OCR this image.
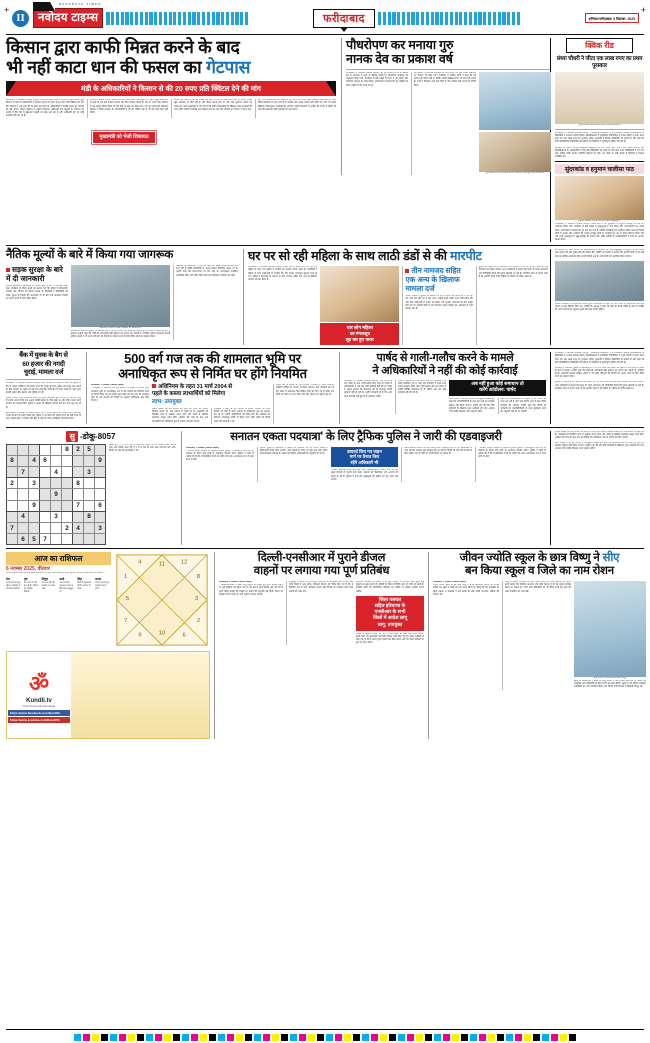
+
II
NAVODAYA TIMES
नवोदय टाइम्स	फरीदाबाद	शनिवार•फरीदाबाद• 6 दिसम्बर, 2025
+
किसान द्वारा काफी मिन्नत करने के बाद
भी नहीं काटा धान की फसल का गेटपास
मंडी के अधिकारियों ने किसान से की 20 रुपए प्रति क्विंटल देने की मांग
फरीदाबाद, 5 दिसम्बर (नवोदय टाइम्स): जिले की अनाज मंडी में धान की फसल लेकर पहुंचे किसान से मंडी के अधिकारियों ने गेटपास काटने के एवज में 20 रुपए प्रति क्विंटल की मांग की। किसान ने जब रुपए देने से इंकार कर दिया तो अधिकारियों ने उसकी फसल का गेटपास ही नहीं काटा। परेशान किसान ने इसकी शिकायत मुख्यमंत्री तक पहुंचाई है। किसान का आरोप है कि मंडी में खुलेआम वसूली का खेल चल रहा है और अधिकारी इस पर कोई कार्रवाई नहीं कर रहे हैं।
किसान ने बताया कि वह अपनी धान की फसल लेकर मंडी पहुंचा था। वहां मौजूद कर्मचारियों ने पहले तो उसे घंटों इंतजार कराया और फिर गेटपास काटने के नाम पर रुपए मांगे। किसान ने जब इसका विरोध किया तो उसे मंडी से बाहर कर दिया गया। इस पूरे मामले की शिकायत किसान ने जिला प्रशासन के अधिकारियों से भी की, लेकिन वहां से भी उसे कोई राहत नहीं मिली।
किसान का कहना है कि वह पिछले कई दिनों से मंडी के चक्कर काट रहा है। उसकी फसल खुले आसमान के नीचे पड़ी है और मौसम खराब होने पर उसे भारी नुकसान उठाना पड़ सकता है। उसने मुख्यमंत्री से मांग की है कि दोषी अधिकारियों के खिलाफ सख्त कार्रवाई की जाए ताकि भविष्य में किसी अन्य किसान को इस तरह की परेशानी का सामना न करना पड़े।
वहीं मंडी अधिकारियों का कहना है कि उनके पास ऐसी कोई शिकायत नहीं आई है। अगर किसी कर्मचारी ने रुपए मांगे हैं तो उसकी जांच कराई जाएगी और दोषी पाए जाने पर उसके खिलाफ नियमानुसार कार्रवाई की जाएगी। उन्होंने किसानों से अपील की है कि वे किसी भी तरह की शिकायत सीधे कार्यालय में दर्ज कराएं।
मुख्यमंत्री को भेजी शिकायत
पौधरोपण कर मनाया गुरु
नानक देव का प्रकाश वर्ष
फरीदाबाद, 5 दिसम्बर (नवोदय टाइम्स): श्री गुरु नानक देव जी के प्रकाश वर्ष के उपलक्ष्य में शहर के विभिन्न स्थानों पर पौधरोपण कार्यक्रम का आयोजन किया गया। कार्यक्रम में बड़ी संख्या में संगत ने भाग लिया और पर्यावरण संरक्षण का संदेश दिया। आयोजकों ने बताया कि गुरु साहिब का संदेश प्रकृति से प्रेम करने का है।
इस अवसर पर विभिन्न प्रजातियों के पौधे लगाए गए और उनकी देखभाल का संकल्प भी लिया गया। कार्यक्रम में शामिल लोगों ने कहा कि पेड़ लगाना ही पर्याप्त नहीं है, बल्कि उनकी देखरेख करना भी उतना ही जरूरी है। सभी ने मिलकर आने वाले दिनों में और अधिक पौधे लगाने का निर्णय लिया।
गुरु नानक देव जी के प्रकाश वर्ष पर पौधरोपण करते हुए संगत के सदस्य।
क्विक रीड
संध्या चौधरी ने जीता एक लाख रुपए का प्रथम पुरस्कार
पुरस्कार ग्रहण करती संध्या चौधरी व अन्य प्रतिभागी।
फरीदाबाद, 5 दिसम्बर (नवोदय टाइम्स) : सांस्कृतिक कार्यक्रमों में श्री विश्वकर्मा कौशल विश्वविद्यालय के विद्यार्थियों ने शानदार प्रदर्शन किया। विश्वविद्यालय में आयोजित प्रतियोगिता में संध्या चौधरी ने प्रथम स्थान प्राप्त कर एक लाख रुपए का पुरस्कार जीता। कुलपति ने विजेता विद्यार्थियों को बधाई दी और कहा कि ऐसी प्रतियोगिताएं विद्यार्थियों की प्रतिभा को निखारने में महत्वपूर्ण भूमिका निभाती हैं।
कार्यक्रम के दौरान विभिन्न सांस्कृतिक प्रस्तुतियां दी गईं जिनमें नृत्य, गायन और नाटक शामिल रहे। विश्वविद्यालय के अधिकारियों ने कहा कि विद्यार्थियों को पढ़ाई के साथ-साथ अन्य गतिविधियों में भी भाग लेना चाहिए ताकि उनका सर्वांगीण विकास हो सके। इस मौके पर बड़ी संख्या में विद्यार्थी व शिक्षक उपस्थित रहे।
सुंदरकांड व हनुमान चालीसा पाठ
हनुमान चालीसा पाठ के दौरान उपस्थित श्रद्धालुजन।
फरीदाबाद, 5 दिसम्बर (नवोदय टाइम्स): सेक्टर क्षेत्र में श्री सुंदरकांड व हनुमान चालीसा के पाठ का आयोजन किया गया। कार्यक्रम में बड़ी संख्या में श्रद्धालुओं ने भाग लिया और भजन-कीर्तन का आनंद लिया। आयोजकों ने बताया कि हर माह इस तरह के धार्मिक कार्यक्रमों का आयोजन किया जाता है जिससे लोगों में आस्था और भाईचारे की भावना मजबूत होती है। कार्यक्रम के अंत में प्रसाद वितरण किया गया और सभी श्रद्धालुओं ने सुख-समृद्धि की कामना की। मंदिर समिति के पदाधिकारियों ने सभी का आभार व्यक्त किया।
नैतिक मूल्यों के बारे में किया गया जागरूक
सड़क सुरक्षा के बारे में दी जानकारी
स्थानीय विद्यालय में विद्यार्थियों को नैतिक मूल्यों के बारे में जागरूक किया गया। कार्यक्रम के दौरान बच्चों को बताया गया कि जीवन में ईमानदारी, सच्चाई और परिश्रम का कितना महत्व है। विशेषज्ञों ने विद्यार्थियों को सड़क सुरक्षा के नियमों की जानकारी भी दी और उन्हें यातायात नियमों का पालन करने के लिए प्रेरित किया।
कार्यक्रम के दौरान उपस्थित विद्यार्थी एवं अतिथिगण।
कार्यक्रम में यातायात पुलिस के अधिकारियों ने भी भाग लिया और बच्चों को हेलमेट व सीट बेल्ट के महत्व के बारे में बताया। उन्होंने कहा कि छोटी-सी लापरवाही बड़ी दुर्घटना का कारण बन सकती है, इसलिए हमेशा सावधानी बरतनी चाहिए। बच्चों ने भी अपने परिजनों को नियमों का पालन करने के लिए प्रेरित करने का संकल्प लिया।
विद्यालय के प्रधानाचार्य ने कहा कि शिक्षा का उद्देश्य केवल किताबी ज्ञान देना नहीं है बल्कि विद्यार्थियों में अच्छे संस्कार विकसित करना भी है। उन्होंने कहा कि समय-समय पर इस तरह के जागरूकता कार्यक्रम आयोजित किए जाते रहेंगे ताकि बच्चे एक जिम्मेदार नागरिक बन सकें।
घर पर सो रही महिला के साथ लाठी डंडों से की मारपीट
फरीदाबाद, 5 दिसम्बर (नवोदय टाइम्स): सेक्टर क्षेत्र में अपने घर में सो रही एक महिला के साथ चार युवकों ने मारपीट का मामला सामने आया है। आरोपियों ने महिला के साथ लाठी-डंडों से मारपीट की और उसका मंगलसूत्र लूटकर फरार हो गए। पुलिस ने शिकायत के आधार पर तीन नामजद सहित एक अन्य के खिलाफ मामला दर्ज कर लिया है।
चार लोग महिला
का मंगलसूत्र
लूट कर हुए फरार
तीन नामजद सहित
एक अन्य के खिलाफ
मामला दर्ज
पीड़ित महिला ने पुलिस को बताया कि रात के समय वह अपने घर में सो रही थी, तभी चार लोग घर में घुस आए। उन्होंने पहले उसके साथ गाली-गलौच की और फिर लाठी-डंडों से हमला कर दिया। शोर सुनकर आसपास के लोग इकट्ठा होने लगे तो आरोपी मौके से भाग निकले। घायल महिला को अस्पताल में भर्ती कराया गया है।
पुलिस का कहना है कि आरोपियों की तलाश की जा रही है और जल्द ही उन्हें गिरफ्तार कर लिया जाएगा। जांच अधिकारी ने बताया कि घटना के समय आसपास लगे सीसीटीवी कैमरों की फुटेज खंगाली जा रही है। प्रारंभिक जांच में सामने आया है कि आरोपी पहले से ही महिला के परिवार से रंजिश रखते थे।
इस अवसर पर मंदिर परिसर को आकर्षक ढंग से सजाया गया था। श्रद्धालुओं ने हनुमान जी की विशेष पूजा-अर्चना की और सुख-शांति की प्रार्थना की। समिति के सदस्यों ने बताया कि आगामी दिनों में भी इसी तरह के धार्मिक आयोजन किए जाएंगे जिनमें क्षेत्र के सभी लोगों को आमंत्रित किया जाएगा।
धार्मिक कार्यक्रमों के साथ-साथ समिति द्वारा समाजसेवा के कार्य भी किए जाते हैं। जरूरतमंद लोगों को भोजन व वस्त्र वितरित किए गए। समिति के अध्यक्ष ने कहा कि सेवा ही सच्ची भक्ति है और हर व्यक्ति को अपने सामर्थ्य के अनुसार दूसरों की मदद करनी चाहिए।
बैंक में युवक के बैग से
60 हजार की नगदी
चुराई, मामला दर्ज
फरीदाबाद, 5 दिसम्बर (नवोदय टाइम्स): शहर के बैंक की शाखा में आए एक युवक के बैग से अज्ञात व्यक्ति ने 60 हजार रुपए की नगदी चुरा ली। युवक जब रुपए जमा कराने के लिए काउंटर पर पहुंचा तो उसे पता चला कि उसके बैग से रुपए गायब हैं। उसने तुरंत इसकी सूचना बैंक प्रबंधन और पुलिस को दी।
पुलिस ने बैंक में लगे सीसीटीवी कैमरों की फुटेज खंगालनी शुरू कर दी है। प्रारंभिक जांच में सामने आया है कि एक अज्ञात व्यक्ति युवक के पीछे खड़ा था और मौका पाकर उसने वारदात को अंजाम दिया। पुलिस ने अज्ञात के खिलाफ मामला दर्ज कर जांच शुरू कर दी है।
बैंक प्रबंधन ने ग्राहकों से अपील की है कि वे अपने सामान का विशेष ध्यान रखें और नगदी लेन-देन के समय सतर्क रहें। पुलिस ने भी लोगों को सलाह दी है कि बड़ी रकम के साथ अकेले बाहर न निकलें और बैंक में भीड़ के समय अतिरिक्त सावधानी बरतें।
500 वर्ग गज तक की शामलात भूमि पर
अनाधिकृत रूप से निर्मित घर होंगे नियमित
फरीदाबाद, 5 दिसम्बर (नवोदय टाइम्स)
: उपायुक्त ने जानकारी देते हुए बताया कि हरियाणा सरकार द्वारा शामलात भूमि पर अनाधिकृत रूप से बने मकानों को नियमित करने का निर्णय लिया गया है। इसके तहत 500 वर्ग गज तक की शामलात भूमि पर बने मकानों को नियमों के अनुसार मालिकाना हक दिया जाएगा।
अधिनियम के तहत 31 मार्च 2004 से
पहले के कब्जा लाभार्थियों को मिलेगा
लाभ: उपायुक्त
उन्होंने बताया कि इस योजना का लाभ उन लोगों को मिलेगा जिनका कब्जा 31 मार्च 2004 से पहले का है। आवेदकों को निर्धारित प्रपत्र में आवेदन करना होगा और कब्जे से संबंधित दस्तावेज प्रस्तुत करने होंगे। आवेदन की जांच के बाद पात्र लाभार्थियों को मालिकाना हक के प्रमाण पत्र दिए जाएंगे।
उपायुक्त ने कहा कि इस योजना से हजारों परिवारों को लाभ मिलेगा जो वर्षों से अपने मकानों के मालिकाना हक का इंतजार कर रहे थे। उन्होंने अधिकारियों को निर्देश दिए कि आवेदनों का निपटारा समयबद्ध तरीके से किया जाए ताकि लोगों को किसी प्रकार की परेशानी न हो।
उन्होंने यह भी बताया कि जिन मामलों में विवाद है, उनका निपटारा संबंधित समिति के माध्यम से किया जाएगा। ग्राम पंचायतों को भी इस संबंध में आवश्यक दिशा-निर्देश जारी कर दिए गए हैं ताकि पात्र लोगों को समय पर लाभ मिल सके और योजना का उद्देश्य पूरा हो।
पार्षद से गाली-गलौच करने के मामले
ने अधिकारियों ने नहीं की कोई कार्रवाई
फरीदाबाद, 5 दिसम्बर (नवोदय टाइम्स): नगर निगम के एक पार्षद के साथ गाली-गलौच किए जाने के मामले में अधिकारियों ने अब तक कोई कार्रवाई नहीं की है। पार्षद ने आरोप लगाया कि शिकायत देने के बावजूद उनकी सुनवाई नहीं हो रही है। उन्होंने चेतावनी दी है कि अगर जल्द कार्रवाई नहीं हुई तो वे आंदोलन करेंगे।
पार्षद ने बताया कि वह अपने वार्ड की समस्याओं को लेकर कार्यालय गए थे, जहां एक कर्मचारी ने उनके साथ अभद्र व्यवहार किया और गाली-गलौच की। इस संबंध में उन्होंने लिखित शिकायत दी थी लेकिन अब तक कोई कार्रवाई नहीं की गई है।
अब नहीं हुआ कोई समाधान तो
करेंगे आंदोलन: पार्षद
अन्य पार्षदों ने भी इस मामले में एकजुटता दिखाते हुए कहा कि जनप्रतिनिधियों के साथ इस तरह का व्यवहार बर्दाश्त नहीं किया जाएगा। उन्होंने मांग की कि दोषी कर्मचारी के खिलाफ तुरंत कार्रवाई की जाए अन्यथा सभी पार्षद मिलकर धरना प्रदर्शन करेंगे।
वहीं निगम अधिकारियों का कहना है कि मामले की जांच चल रही है और जांच रिपोर्ट आने के बाद उचित कार्रवाई की जाएगी। उन्होंने कहा कि किसी भी कर्मचारी को जनप्रतिनिधियों के साथ दुर्व्यवहार करने की अनुमति नहीं दी जा सकती।
फरीदाबाद, 5 दिसम्बर (नवोदय टाइम्स) : सांस्कृतिक कार्यक्रमों में श्री विश्वकर्मा कौशल विश्वविद्यालय के विद्यार्थियों ने शानदार प्रदर्शन किया। विश्वविद्यालय में आयोजित प्रतियोगिता में संध्या चौधरी ने प्रथम स्थान प्राप्त कर एक लाख रुपए का पुरस्कार जीता। कुलपति ने विजेता विद्यार्थियों को बधाई दी और कहा कि ऐसी प्रतियोगिताएं विद्यार्थियों की प्रतिभा को निखारने में महत्वपूर्ण भूमिका निभाती हैं।
कार्यक्रम में यातायात पुलिस के अधिकारियों ने भी भाग लिया और बच्चों को हेलमेट व सीट बेल्ट के महत्व के बारे में बताया। उन्होंने कहा कि छोटी-सी लापरवाही बड़ी दुर्घटना का कारण बन सकती है, इसलिए हमेशा सावधानी बरतनी चाहिए। बच्चों ने भी अपने परिजनों को नियमों का पालन करने के लिए प्रेरित करने का संकल्प लिया।
पुलिस का कहना है कि आरोपियों की तलाश की जा रही है और जल्द ही उन्हें गिरफ्तार कर लिया जाएगा। जांच अधिकारी ने बताया कि घटना के समय आसपास लगे सीसीटीवी कैमरों की फुटेज खंगाली जा रही है। प्रारंभिक जांच में सामने आया है कि आरोपी पहले से ही महिला के परिवार से रंजिश रखते थे।
सु -डोकू-8057
					8	2	5	
8		4	6					9
	7			4			3	
2		3				8		
				9				
		9				7		6
	4			3			8	
7					2	4		3
	6	5	7					
खाली वर्गों में 1 से 9 तक के अंक इस प्रकार भरें कि प्रत्येक पंक्ति, प्रत्येक स्तंभ और प्रत्येक 3x3 वर्ग में 1 से 9 तक के सभी अंक एक-एक बार आएं। किसी भी अंक की पुनरावृत्ति न हो।
सनातन एकता पदयात्रा' के लिए ट्रैफिक पुलिस ने जारी की एडवाइजरी
फरीदाबाद, 5 दिसम्बर (नवोदय टाइम्स)
: सनातन एकता पदयात्रा के मद्देनजर ट्रैफिक पुलिस ने एडवाइजरी जारी की है। पदयात्रा के दौरान कई मार्गों पर यातायात डायवर्ट रहेगा। पुलिस ने लोगों से अपील की है कि वे वैकल्पिक मार्गों का प्रयोग करें और अनावश्यक रूप से यात्रा करने से बचें।
ट्रैफिक पुलिस के अधिकारी ने बताया कि पदयात्रा मार्ग पर पर्याप्त संख्या में पुलिसकर्मी तैनात किए जाएंगे। भारी वाहनों के प्रवेश पर पूरी तरह रोक रहेगी। आपातकालीन सेवाओं के वाहनों को निर्बाध आवाजाही की अनुमति दी गई है।
डायवर्ट किए गए वाहन
मार्ग पर तैनात किए
रहेंगे अधिकारी भी
2 नंबर, अजरौंदा चौक, बस स्टैंड चौक, बड़खल चौक, सेक्टर चौक व अन्य प्रमुख चौराहों से गुजरने वाले वाहन चालकों को वैकल्पिक मार्ग अपनाने की सलाह दी गई है। पुलिस ने कहा कि श्रद्धालुओं की सुविधा का पूरा ध्यान रखा जाएगा।
इसके अलावा पार्किंग के लिए विशेष स्थान निर्धारित किए गए हैं। आयोजकों के साथ समन्वय बनाकर पूरी व्यवस्था की जा रही है। किसी भी तरह की समस्या के लिए कंट्रोल रूम के नंबर पर संपर्क किया जा सकता है।
: सनातन एकता पदयात्रा के मद्देनजर ट्रैफिक पुलिस ने एडवाइजरी जारी की है। पदयात्रा के दौरान कई मार्गों पर यातायात डायवर्ट रहेगा। पुलिस ने लोगों से अपील की है कि वे वैकल्पिक मार्गों का प्रयोग करें और अनावश्यक रूप से यात्रा करने से बचें।
उन्होंने बताया कि इस योजना का लाभ उन लोगों को मिलेगा जिनका कब्जा 31 मार्च 2004 से पहले का है। आवेदकों को निर्धारित प्रपत्र में आवेदन करना होगा और कब्जे से संबंधित दस्तावेज प्रस्तुत करने होंगे। आवेदन की जांच के बाद पात्र लाभार्थियों को मालिकाना हक के प्रमाण पत्र दिए जाएंगे।
अन्य पार्षदों ने भी इस मामले में एकजुटता दिखाते हुए कहा कि जनप्रतिनिधियों के साथ इस तरह का व्यवहार बर्दाश्त नहीं किया जाएगा। उन्होंने मांग की कि दोषी कर्मचारी के खिलाफ तुरंत कार्रवाई की जाए अन्यथा सभी पार्षद मिलकर धरना प्रदर्शन करेंगे।
आज का राशिफल
6 नवम्बर 2025, वीरवार
मार्गशीर्ष कृष्ण तिथि प्रतिपदा (सायं दोपहर 2.55 तक) तथा तदोपरांत तिथि द्वितीया, मृगशिरा नक्षत्र आदि की स्थिति :-
मेष
आज का दिन शुभ रहेगा। कार्यक्षेत्र में सफलता मिलेगी।
वृष
धन लाभ के योग बन रहे हैं। परिवार का सहयोग मिलेगा।
मिथुन
यात्रा का योग है। स्वास्थ्य का ध्यान रखें।
कर्क
नए कार्य की शुरुआत करने के लिए दिन अनुकूल है।
सिंह
मित्रों से मुलाकात होगी। व्यापार में लाभ।
कन्या
संतान पक्ष से शुभ समाचार प्राप्त होगा।
11
4
1
5
7
9	10	6
2
3
8
12
ॐ
Kundli.tv
Your Personal Astrologer
https://www.facebook.com/kundlitv
https://www.youtube.com/KundliTv
दिल्ली-एनसीआर में पुराने डीजल
वाहनों पर लगाया गया पूर्ण प्रतिबंध
फरीदाबाद, 5 दिसम्बर (नवोदय टाइम्स)
: दिल्ली-एनसीआर में बढ़ते वायु प्रदूषण को देखते हुए पुराने डीजल वाहनों पर पूर्ण प्रतिबंध लगा दिया गया है। 10 वर्ष से पुराने डीजल और 15 वर्ष से पुराने पेट्रोल वाहनों को सड़कों पर चलाने की अनुमति नहीं होगी। नियम का उल्लंघन करने वालों पर भारी जुर्माना लगाया जाएगा।
उपायुक्त ने बताया कि यह आदेश हरियाणा के एनसीआर क्षेत्र में आने वाले सभी जिलों में लागू होगा। परिवहन विभाग को निर्देश दिए गए हैं कि वे नियमित रूप से जांच अभियान चलाएं और नियमों का उल्लंघन करने वाले वाहनों को जब्त करें।
पर्यावरण विशेषज्ञों का कहना है कि पुराने वाहनों से निकलने वाला धुआं वायु प्रदूषण का बड़ा कारण है। सर्दियों के मौसम में स्थिति और भी गंभीर हो जाती है। इसलिए लोगों को सार्वजनिक परिवहन का अधिक से अधिक उपयोग करना चाहिए।
जिला पलवल
सहित हरियाणा के
एनसीआर के सभी
जिलों में आदेश लागू
लागू: उपायुक्त
आदेश के अनुसार पेट्रोल पंपों पर भी ऐसे वाहनों को ईंधन नहीं दिया जाएगा। इसके लिए पंप संचालकों को विशेष निर्देश जारी किए गए हैं। वाहन मालिकों से कहा गया है कि वे अपने पुराने वाहनों को स्क्रैप कराएं और नए वाहन खरीदने पर छूट का लाभ उठाएं।
जीवन ज्योति स्कूल के छात्र विष्णु ने सीए
बन किया स्कूल व जिले का नाम रोशन
फरीदाबाद, 5 दिसम्बर (नवोदय टाइम्स):
जीवन ज्योति स्कूल के पूर्व छात्र विष्णु ने चार्टर्ड अकाउंटेंट (सीए) की परीक्षा उत्तीर्ण कर स्कूल व जिले का नाम रोशन किया है। विष्णु की इस उपलब्धि पर स्कूल प्रबंधन व शिक्षकों ने उसे बधाई दी और उसके उज्ज्वल भविष्य की कामना की।
विष्णु ने अपनी सफलता का श्रेय अपने माता-पिता और शिक्षकों को दिया। उसने बताया कि नियमित अध्ययन और कड़ी मेहनत से ही यह मुकाम हासिल किया जा सकता है। उसने अन्य विद्यार्थियों को भी प्रेरित करते हुए कहा कि लक्ष्य निर्धारित कर आगे बढ़ें।
सीए बनने पर सम्मानित होते छात्र विष्णु।
स्कूल के प्रधानाचार्य ने कहा कि विष्णु हमेशा से एक मेधावी छात्र रहा है। उसकी यह उपलब्धि अन्य विद्यार्थियों के लिए प्रेरणा का स्रोत बनेगी। स्कूल में एक विशेष कार्यक्रम आयोजित कर उसे सम्मानित किया गया जिसमें सभी शिक्षक व विद्यार्थी मौजूद रहे।
